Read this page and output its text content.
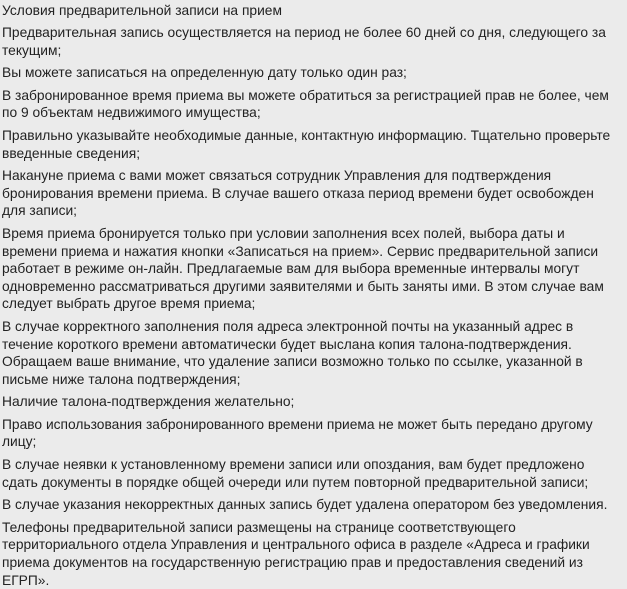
Условия предварительной записи на прием
Предварительная запись осуществляется на период не более 60 дней со дня, следующего за текущим;
Вы можете записаться на определенную дату только один раз;
В забронированное время приема вы можете обратиться за регистрацией прав не более, чем по 9 объектам недвижимого имущества;
Правильно указывайте необходимые данные, контактную информацию. Тщательно проверьте введенные сведения;
Накануне приема с вами может связаться сотрудник Управления для подтверждения бронирования времени приема. В случае вашего отказа период времени будет освобожден для записи;
Время приема бронируется только при условии заполнения всех полей, выбора даты и времени приема и нажатия кнопки «Записаться на прием». Сервис предварительной записи работает в режиме он-лайн. Предлагаемые вам для выбора временные интервалы могут одновременно рассматриваться другими заявителями и быть заняты ими. В этом случае вам следует выбрать другое время приема;
В случае корректного заполнения поля адреса электронной почты на указанный адрес в течение короткого времени автоматически будет выслана копия талона-подтверждения. Обращаем ваше внимание, что удаление записи возможно только по ссылке, указанной в письме ниже талона подтверждения;
Наличие талона-подтверждения желательно;
Право использования забронированного времени приема не может быть передано другому лицу;
В случае неявки к установленному времени записи или опоздания, вам будет предложено сдать документы в порядке общей очереди или путем повторной предварительной записи;
В случае указания некорректных данных запись будет удалена оператором без уведомления.
Телефоны предварительной записи размещены на странице соответствующего территориального отдела Управления и центрального офиса в разделе «Адреса и графики приема документов на государственную регистрацию прав и предоставления сведений из ЕГРП».
